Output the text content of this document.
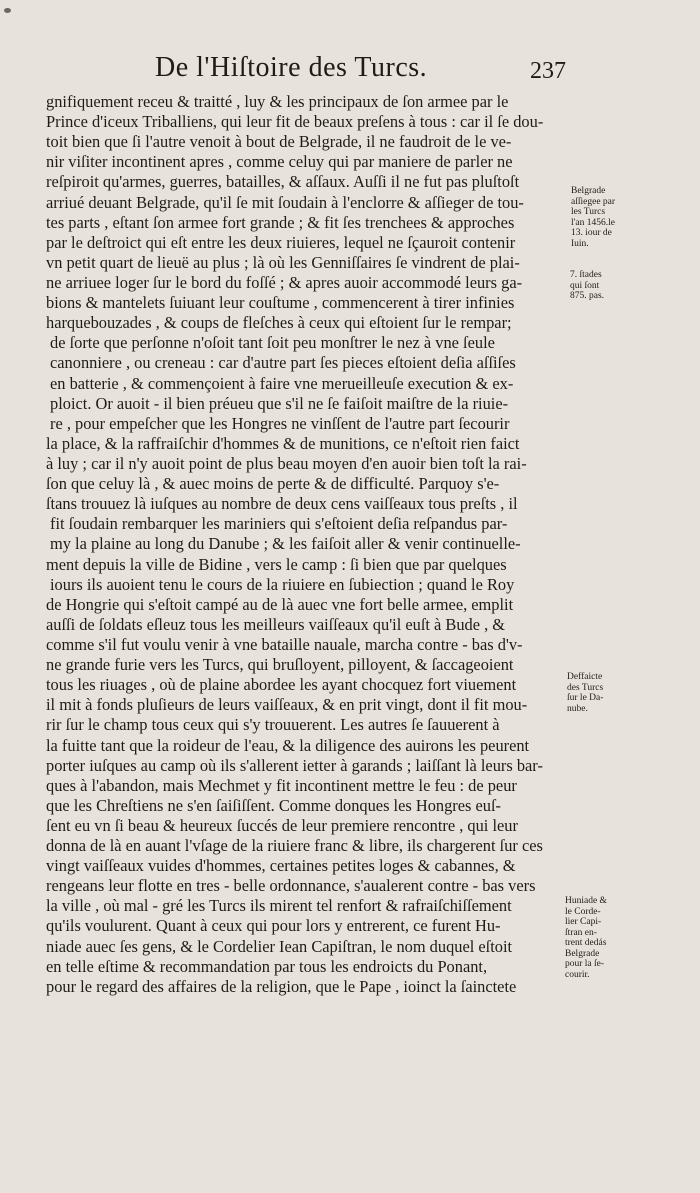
De l'Hiſtoire des Turcs.	237
gnifiquement receu & traitté , luy & les principaux de ſon armee par le
Prince d'iceux Triballiens, qui leur fit de beaux preſens à tous : car il ſe dou-
toit bien que ſi l'autre venoit à bout de Belgrade, il ne faudroit de le ve-
nir viſiter incontinent apres , comme celuy qui par maniere de parler ne
reſpiroit qu'armes, guerres, batailles, & aſſaux. Auſſi il ne fut pas pluſtoſt
arriué deuant Belgrade, qu'il ſe mit ſoudain à l'enclorre & aſſieger de tou-
tes parts , eſtant ſon armee fort grande ; & fit ſes trenchees & approches
par le deſtroict qui eſt entre les deux riuieres, lequel ne ſçauroit contenir
vn petit quart de lieuë au plus ; là où les Genniſſaires ſe vindrent de plai-
ne arriuee loger ſur le bord du foſſé ; & apres auoir accommodé leurs ga-
bions & mantelets ſuiuant leur couſtume , commencerent à tirer infinies
harquebouzades , & coups de fleſches à ceux qui eſtoient ſur le rempar;
de ſorte que perſonne n'oſoit tant ſoit peu monſtrer le nez à vne ſeule
canonniere , ou creneau : car d'autre part ſes pieces eſtoient deſia aſſiſes
en batterie , & commençoient à faire vne merueilleuſe execution & ex-
ploict. Or auoit - il bien préueu que s'il ne ſe faiſoit maiſtre de la riuie-
re , pour empeſcher que les Hongres ne vinſſent de l'autre part ſecourir
la place, & la raffraiſchir d'hommes & de munitions, ce n'eſtoit rien faict
à luy ; car il n'y auoit point de plus beau moyen d'en auoir bien toſt la rai-
ſon que celuy là , & auec moins de perte & de difficulté. Parquoy s'e-
ſtans trouuez là iuſques au nombre de deux cens vaiſſeaux tous preſts , il
fit ſoudain rembarquer les mariniers qui s'eſtoient deſia reſpandus par-
my la plaine au long du Danube ; & les faiſoit aller & venir continuelle-
ment depuis la ville de Bidine , vers le camp : ſi bien que par quelques
iours ils auoient tenu le cours de la riuiere en ſubiection ; quand le Roy
de Hongrie qui s'eſtoit campé au de là auec vne fort belle armee, emplit
auſſi de ſoldats eſleuz tous les meilleurs vaiſſeaux qu'il euſt à Bude , &
comme s'il fut voulu venir à vne bataille nauale, marcha contre - bas d'v-
ne grande furie vers les Turcs, qui bruſloyent, pilloyent, & ſaccageoient
tous les riuages , où de plaine abordee les ayant chocquez fort viuement
il mit à fonds pluſieurs de leurs vaiſſeaux, & en prit vingt, dont il fit mou-
rir ſur le champ tous ceux qui s'y trouuerent. Les autres ſe ſauuerent à
la fuitte tant que la roideur de l'eau, & la diligence des auirons les peurent
porter iuſques au camp où ils s'allerent ietter à garands ; laiſſant là leurs bar-
ques à l'abandon, mais Mechmet y fit incontinent mettre le feu : de peur
que les Chreſtiens ne s'en ſaiſiſſent. Comme donques les Hongres euſ-
ſent eu vn ſi beau & heureux ſuccés de leur premiere rencontre , qui leur
donna de là en auant l'vſage de la riuiere franc & libre, ils chargerent ſur ces
vingt vaiſſeaux vuides d'hommes, certaines petites loges & cabannes, &
rengeans leur flotte en tres - belle ordonnance, s'aualerent contre - bas vers
la ville , où mal - gré les Turcs ils mirent tel renfort & rafraiſchiſſement
qu'ils voulurent. Quant à ceux qui pour lors y entrerent, ce furent Hu-
niade auec ſes gens, & le Cordelier Iean Capiſtran, le nom duquel eſtoit
en telle eſtime & recommandation par tous les endroicts du Ponant,
pour le regard des affaires de la religion, que le Pape , ioinct la ſainctete
Belgrade
aſſiegee par
les Turcs
l'an 1456.le
13. iour de
Iuin.
7. ſtades
qui ſont
875. pas.
Deffaicte
des Turcs
ſur le Da-
nube.
Huniade &
le Corde-
lier Capi-
ſtran en-
trent dedás
Belgrade
pour la ſe-
courir.
